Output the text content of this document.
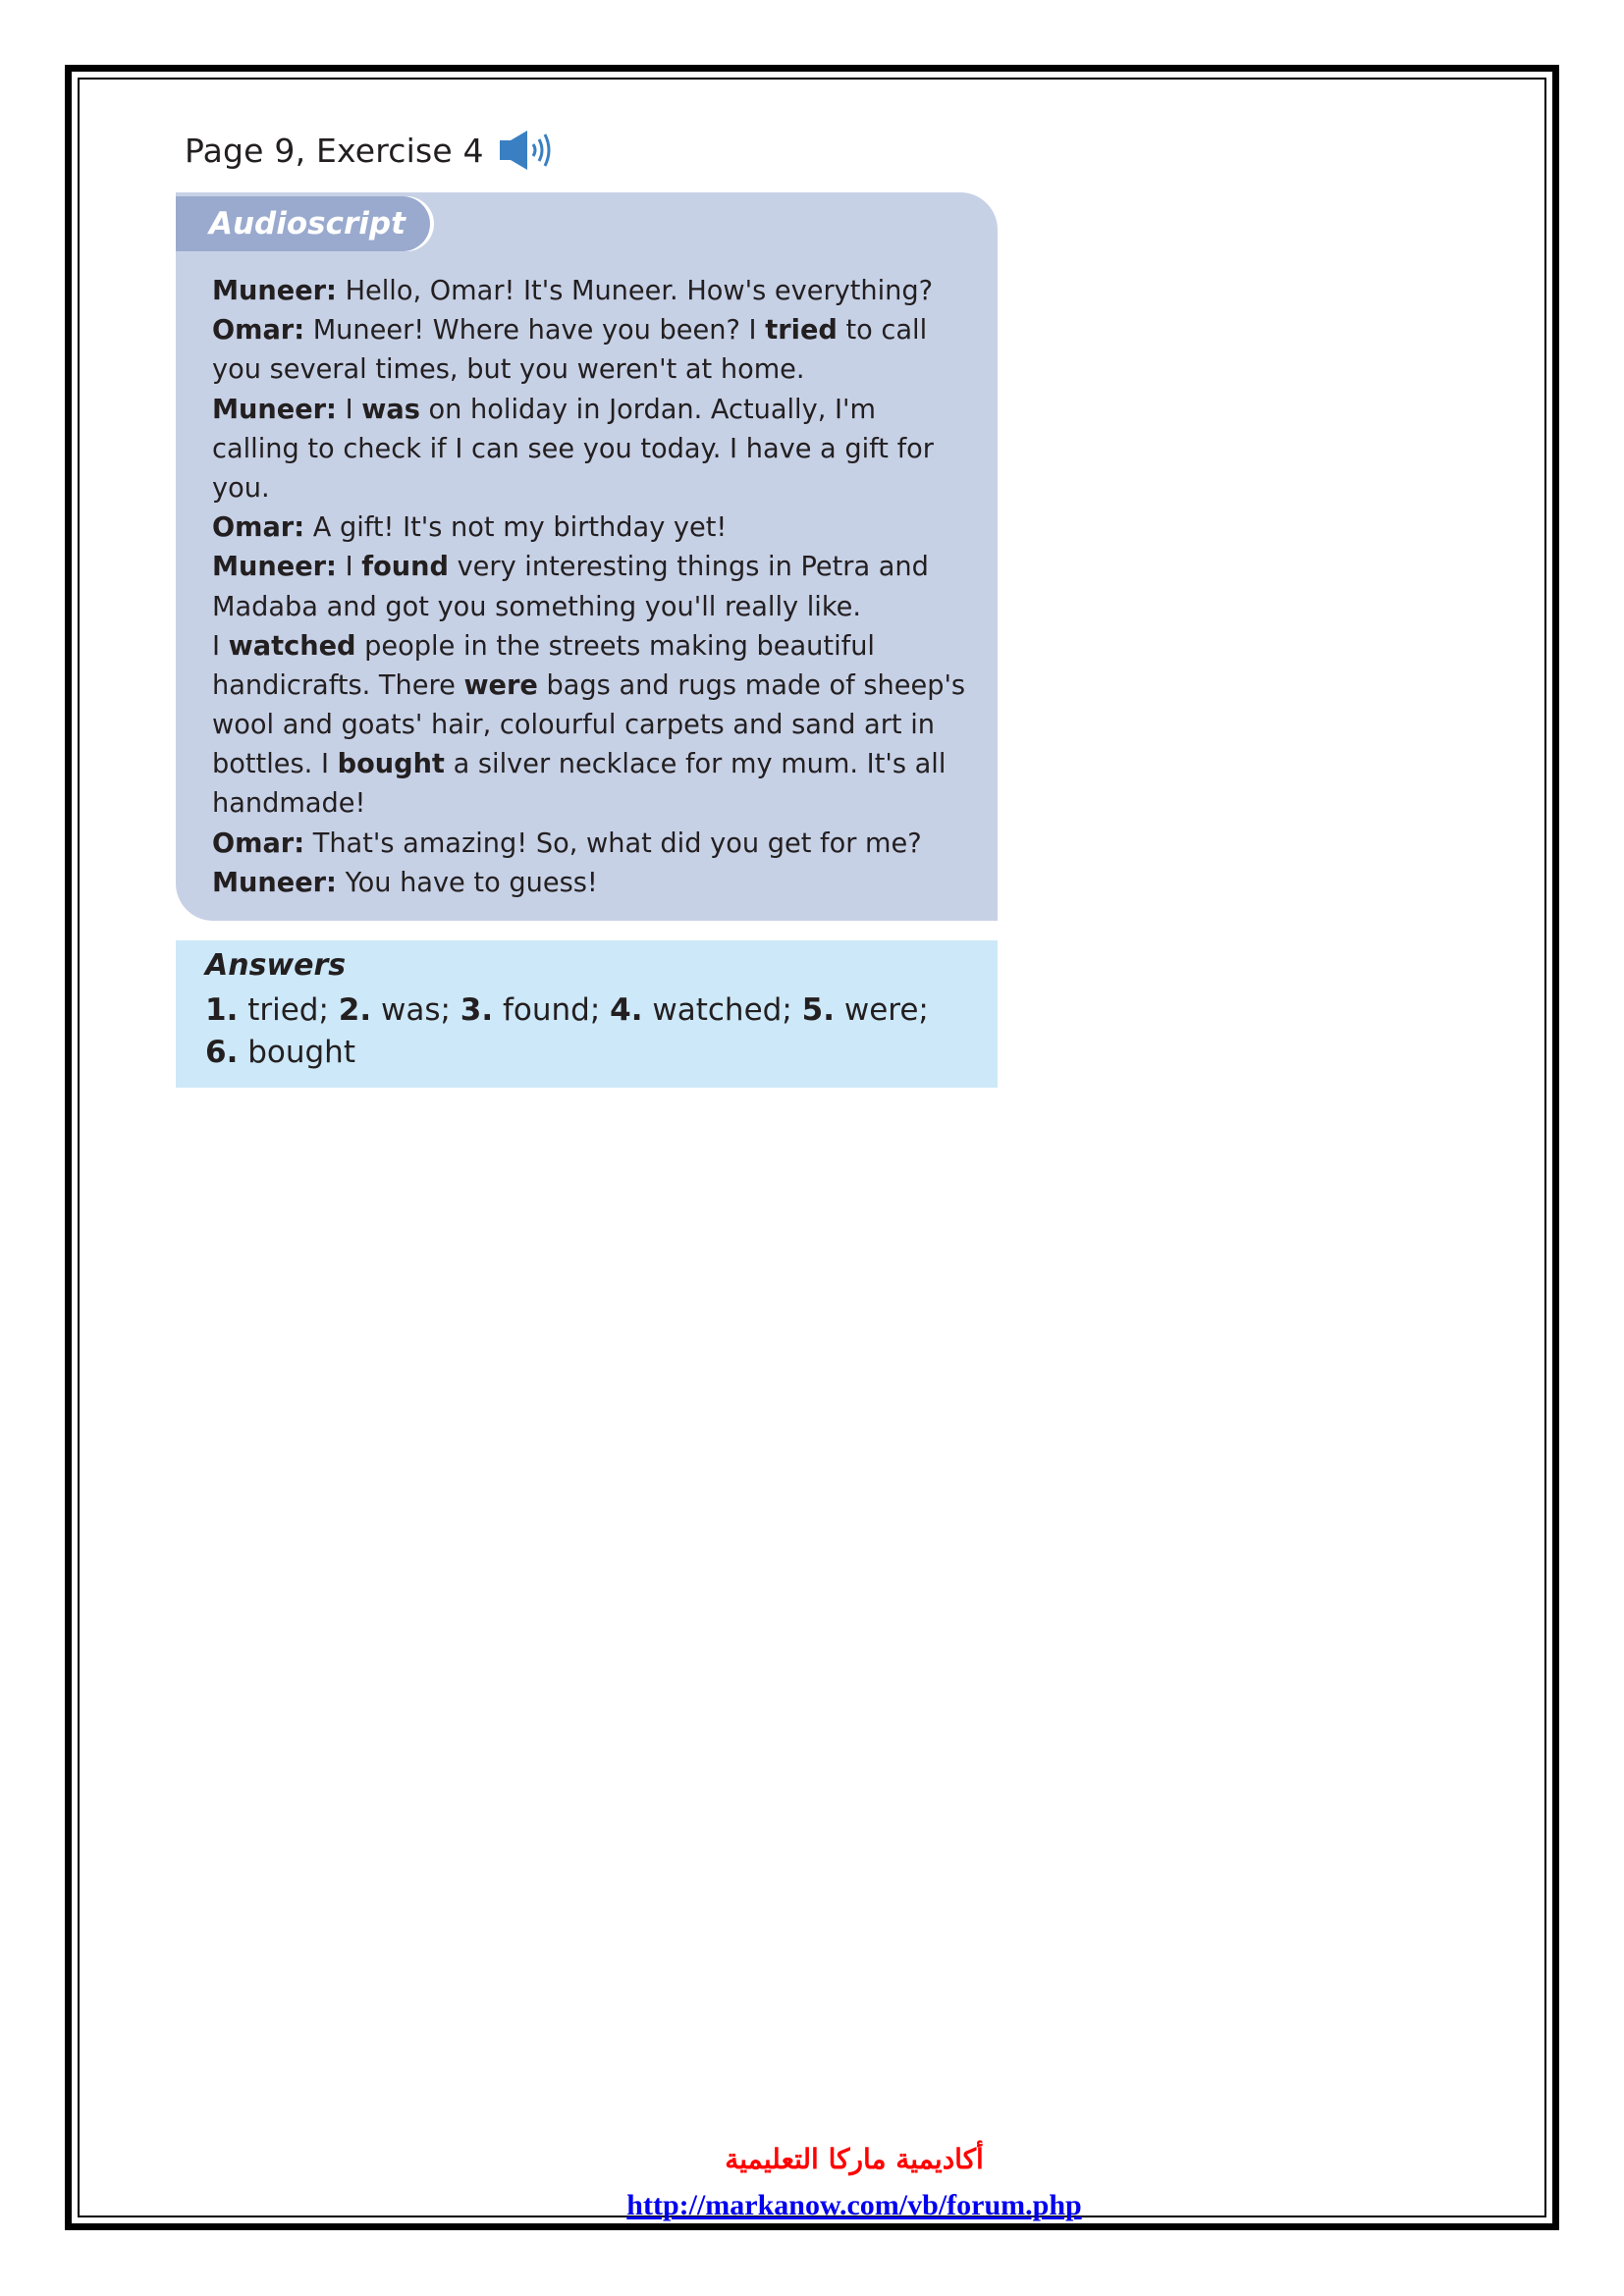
Page 9, Exercise 4
Audioscript
Muneer: Hello, Omar! It's Muneer. How's everything?
Omar: Muneer! Where have you been? I tried to call
you several times, but you weren't at home.
Muneer: I was on holiday in Jordan. Actually, I'm
calling to check if I can see you today. I have a gift for
you.
Omar: A gift! It's not my birthday yet!
Muneer: I found very interesting things in Petra and
Madaba and got you something you'll really like.
I watched people in the streets making beautiful
handicrafts. There were bags and rugs made of sheep's
wool and goats' hair, colourful carpets and sand art in
bottles. I bought a silver necklace for my mum. It's all
handmade!
Omar: That's amazing! So, what did you get for me?
Muneer: You have to guess!
Answers
1. tried; 2. was; 3. found; 4. watched; 5. were;
6. bought
أكاديمية ماركا التعليمية
http://markanow.com/vb/forum.php
